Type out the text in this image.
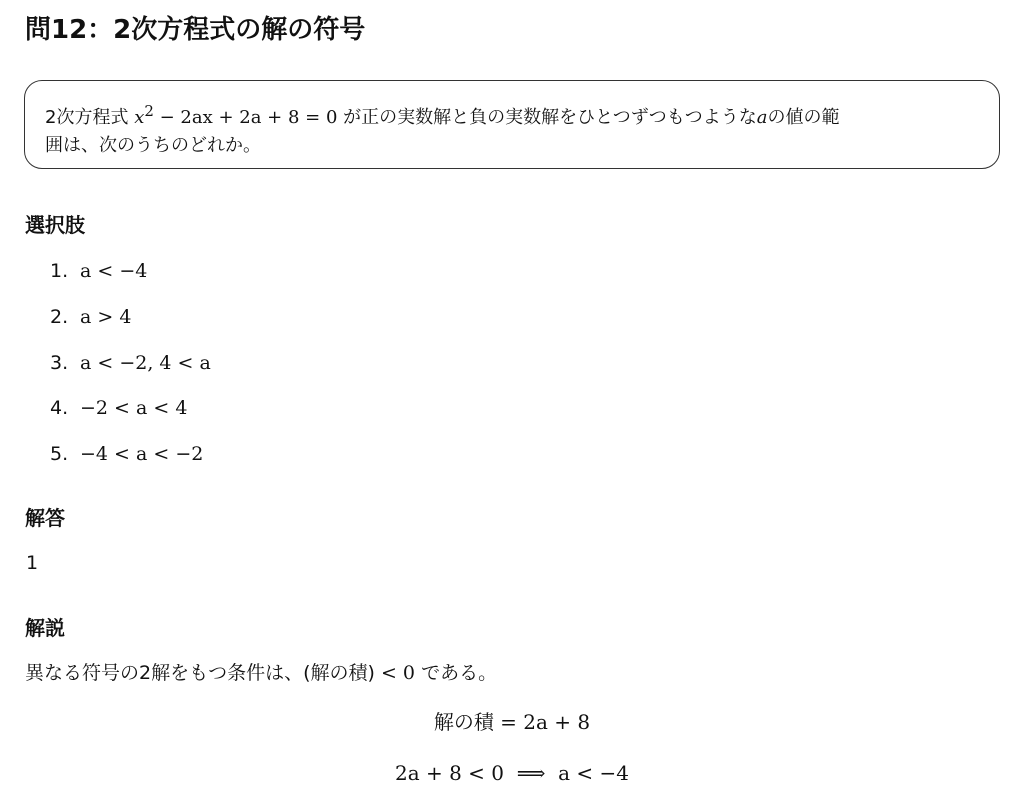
問12：2次方程式の解の符号

2次方程式 $x^2 - 2ax + 2a + 8 = 0$ が正の実数解と負の実数解をひとつずつもつようなaの値の範

囲は、次のうちのどれか。

選択肢
1. a < −4
2. a > 4
3. a < −2, 4 < a
4. −2 < a < 4
5. −4 < a < −2
解答
1
解説
異なる符号の2解をもつ条件は、(解の積) < 0 である。
解の積 = 2a + 8
2a + 8 < 0  ⟹  a < −4
